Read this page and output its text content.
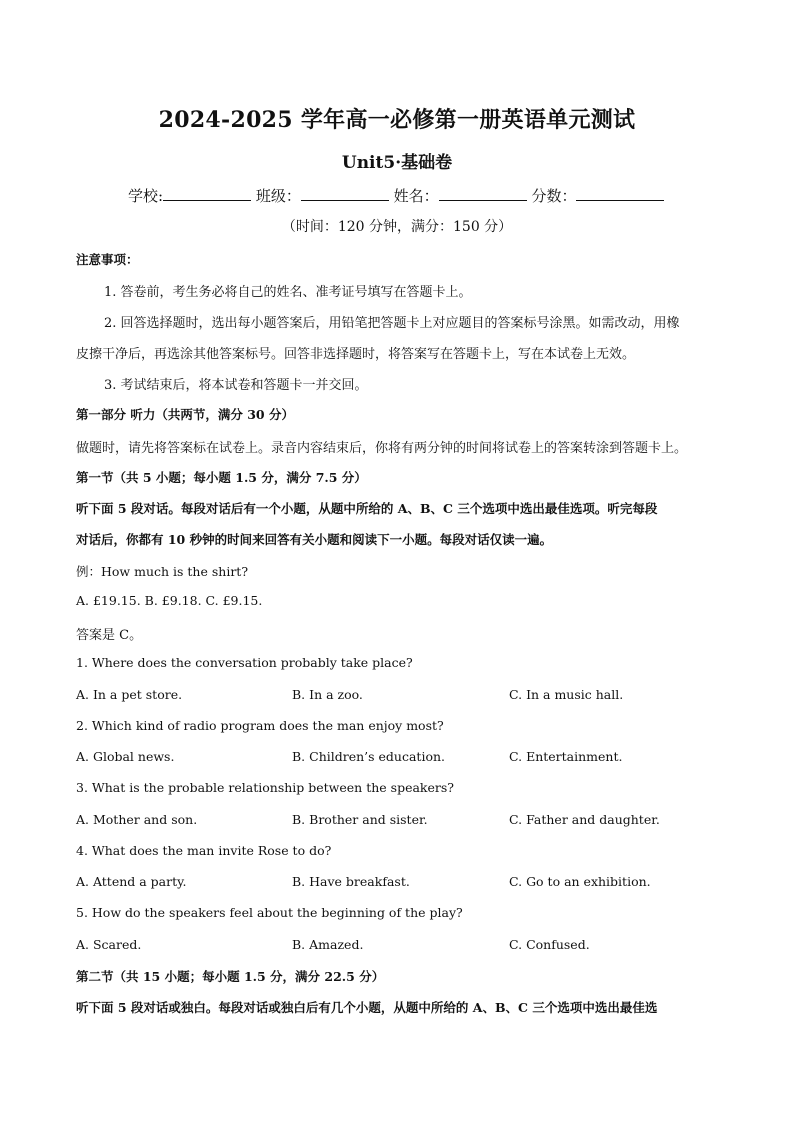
2024-2025 学年高一必修第一册英语单元测试
Unit5·基础卷
学校:	班级：	姓名：	分数：
（时间：120 分钟，满分：150 分）
注意事项：
1. 答卷前，考生务必将自己的姓名、准考证号填写在答题卡上。
2. 回答选择题时，选出每小题答案后，用铅笔把答题卡上对应题目的答案标号涂黑。如需改动，用橡
皮擦干净后，再选涂其他答案标号。回答非选择题时，将答案写在答题卡上，写在本试卷上无效。
3. 考试结束后，将本试卷和答题卡一并交回。
第一部分 听力（共两节，满分 30 分）
做题时，请先将答案标在试卷上。录音内容结束后，你将有两分钟的时间将试卷上的答案转涂到答题卡上。
第一节（共 5 小题；每小题 1.5 分，满分 7.5 分）
听下面 5 段对话。每段对话后有一个小题，从题中所给的 A、B、C 三个选项中选出最佳选项。听完每段
对话后，你都有 10 秒钟的时间来回答有关小题和阅读下一小题。每段对话仅读一遍。
例：How much is the shirt?
A. £19.15. B. £9.18. C. £9.15.
答案是 C。
1. Where does the conversation probably take place?
A. In a pet store.	B. In a zoo.	C. In a music hall.
2. Which kind of radio program does the man enjoy most?
A. Global news.	B. Children’s education.	C. Entertainment.
3. What is the probable relationship between the speakers?
A. Mother and son.	B. Brother and sister.	C. Father and daughter.
4. What does the man invite Rose to do?
A. Attend a party.	B. Have breakfast.	C. Go to an exhibition.
5. How do the speakers feel about the beginning of the play?
A. Scared.	B. Amazed.	C. Confused.
第二节（共 15 小题；每小题 1.5 分，满分 22.5 分）
听下面 5 段对话或独白。每段对话或独白后有几个小题，从题中所给的 A、B、C 三个选项中选出最佳选
